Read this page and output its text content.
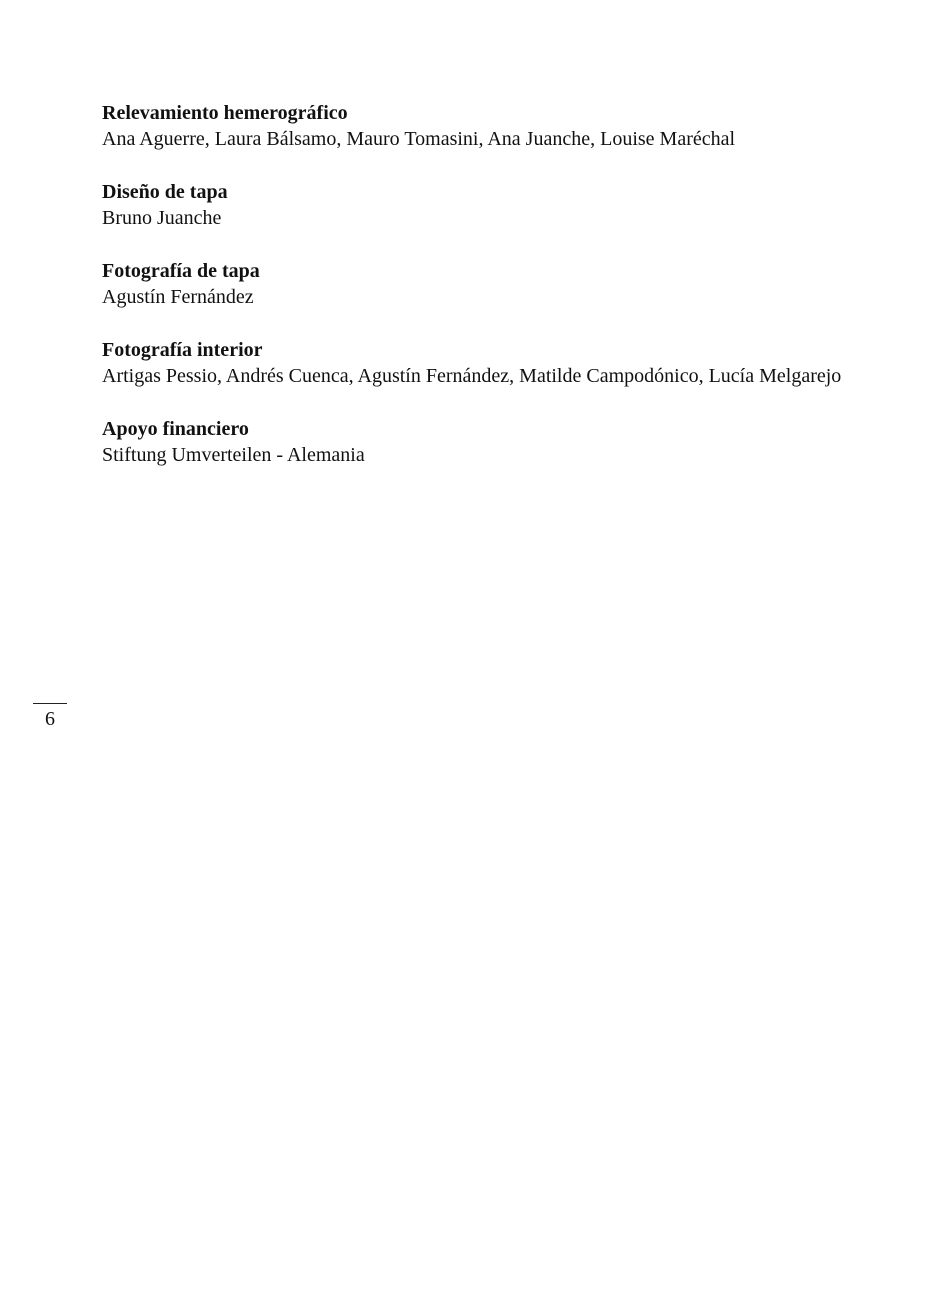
Relevamiento hemerográfico

Ana Aguerre, Laura Bálsamo, Mauro Tomasini, Ana Juanche, Louise Maréchal

Diseño de tapa

Bruno Juanche

Fotografía de tapa

Agustín Fernández

Fotografía interior

Artigas Pessio, Andrés Cuenca, Agustín Fernández, Matilde Campodónico, Lucía Melgarejo

Apoyo financiero

Stiftung Umverteilen - Alemania

6
